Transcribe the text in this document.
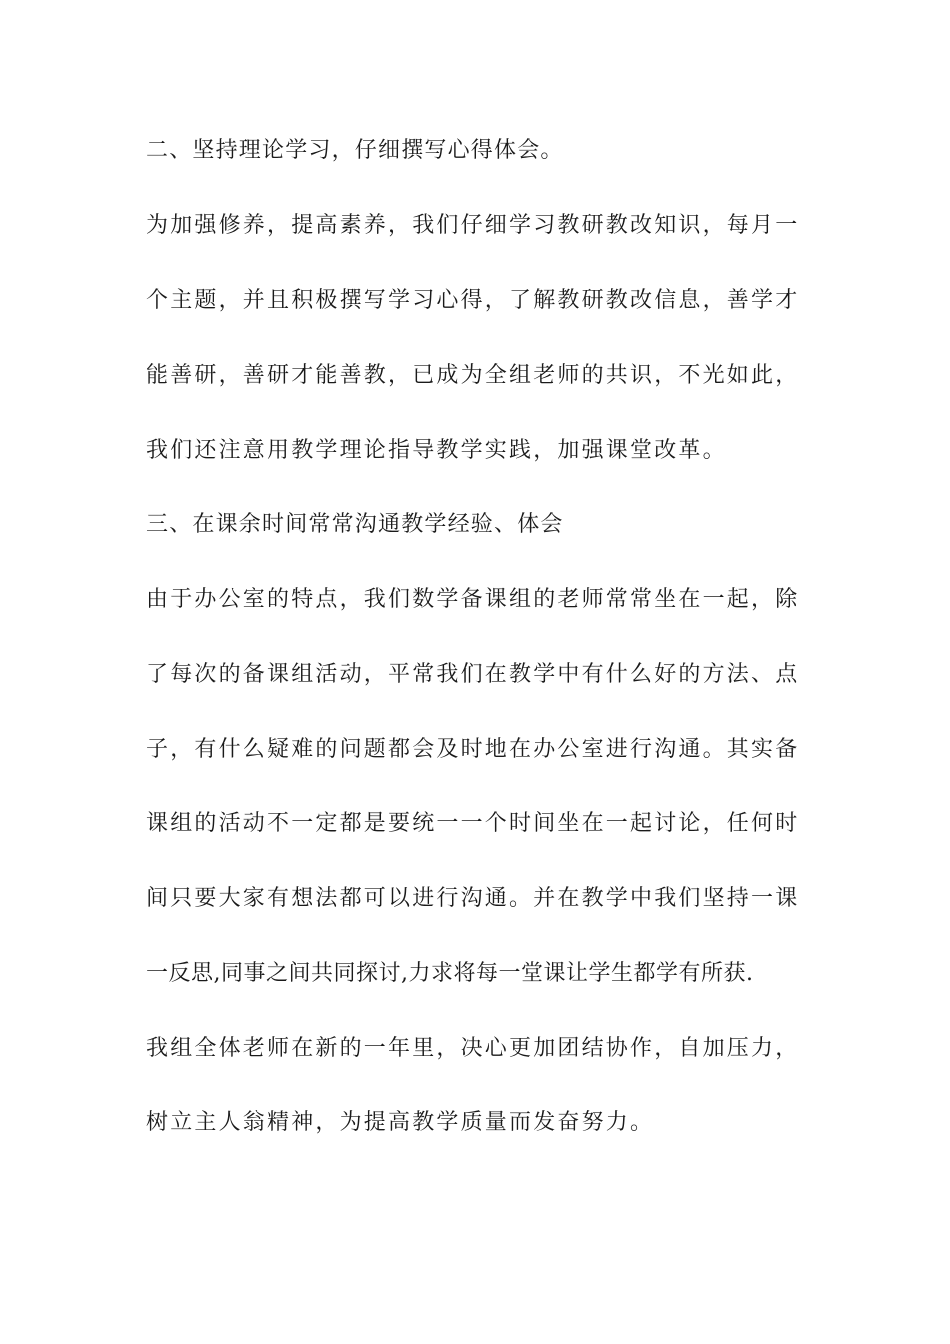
二、坚持理论学习，仔细撰写心得体会。
为加强修养，提高素养，我们仔细学习教研教改知识，每月一
个主题，并且积极撰写学习心得，了解教研教改信息，善学才
能善研，善研才能善教，已成为全组老师的共识，不光如此，
我们还注意用教学理论指导教学实践，加强课堂改革。
三、在课余时间常常沟通教学经验、体会
由于办公室的特点，我们数学备课组的老师常常坐在一起，除
了每次的备课组活动，平常我们在教学中有什么好的方法、点
子，有什么疑难的问题都会及时地在办公室进行沟通。其实备
课组的活动不一定都是要统一一个时间坐在一起讨论，任何时
间只要大家有想法都可以进行沟通。并在教学中我们坚持一课
一反思,同事之间共同探讨,力求将每一堂课让学生都学有所获.
我组全体老师在新的一年里，决心更加团结协作，自加压力，
树立主人翁精神，为提高教学质量而发奋努力。
